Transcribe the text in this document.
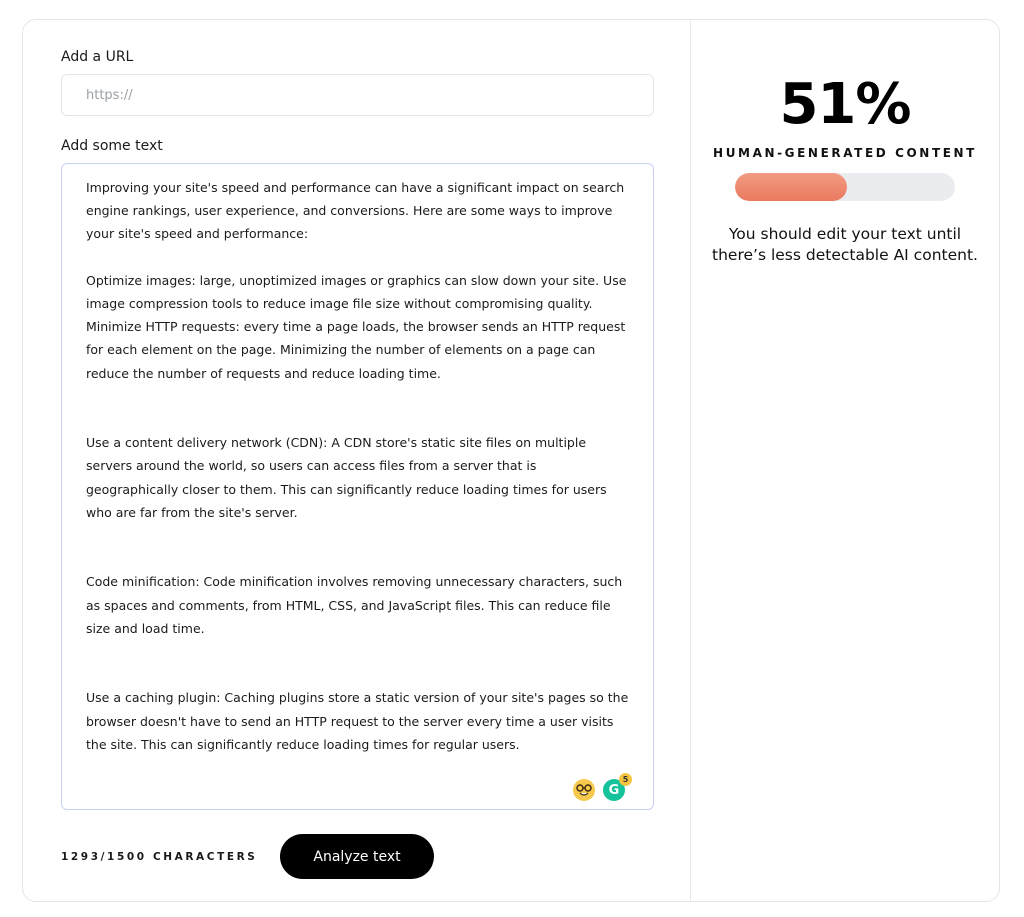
Add a URL
https://
Add some text

Improving your site's speed and performance can have a significant impact on search engine rankings, user experience, and conversions. Here are some ways to improve your site's speed and performance:

Optimize images: large, unoptimized images or graphics can slow down your site. Use image compression tools to reduce image file size without compromising quality.
Minimize HTTP requests: every time a page loads, the browser sends an HTTP request for each element on the page. Minimizing the number of elements on a page can reduce the number of requests and reduce loading time.

Use a content delivery network (CDN): A CDN store's static site files on multiple servers around the world, so users can access files from a server that is geographically closer to them. This can significantly reduce loading times for users who are far from the site's server.

Code minification: Code minification involves removing unnecessary characters, such as spaces and comments, from HTML, CSS, and JavaScript files. This can reduce file size and load time.

Use a caching plugin: Caching plugins store a static version of your site's pages so the browser doesn't have to send an HTTP request to the server every time a user visits the site. This can significantly reduce loading times for regular users.

G
5
1293/1500 CHARACTERS	Analyze text
51%
HUMAN-GENERATED CONTENT
You should edit your text until there’s less detectable AI content.
